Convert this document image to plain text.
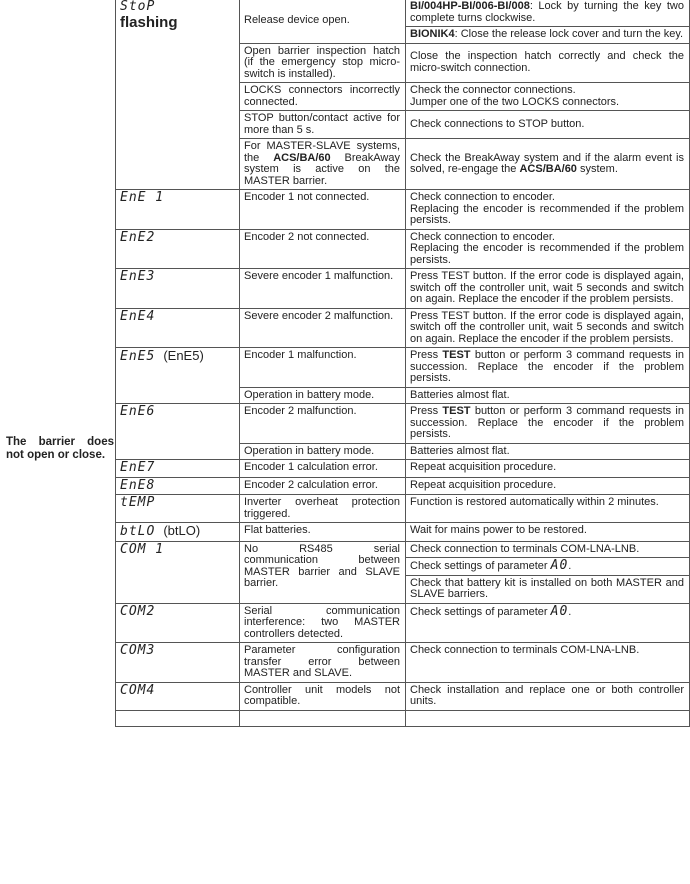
The barrier does not open or close.
StoP
flashing	Release device open.	BI/004HP-BI/006-BI/008: Lock by turning the key two complete turns clockwise.
		BIONIK4: Close the release lock cover and turn the key.
	Open barrier inspection hatch (if the emergency stop micro-switch is installed).	Close the inspection hatch correctly and check the micro-switch connection.
	LOCKS connectors incorrectly connected.	Check the connector connections.
Jumper one of the two LOCKS connectors.
	STOP button/contact active for more than 5 s.	Check connections to STOP button.
	For MASTER-SLAVE systems, the ACS/BA/60 BreakAway system is active on the MASTER barrier.	Check the BreakAway system and if the alarm event is solved, re-engage the ACS/BA/60 system.
EnE 1	Encoder 1 not connected.	Check connection to encoder.
Replacing the encoder is recommended if the problem persists.
EnE2	Encoder 2 not connected.	Check connection to encoder.
Replacing the encoder is recommended if the problem persists.
EnE3	Severe encoder 1 malfunction.	Press TEST button. If the error code is displayed again, switch off the controller unit, wait 5 seconds and switch on again. Replace the encoder if the problem persists.
EnE4	Severe encoder 2 malfunction.	Press TEST button. If the error code is displayed again, switch off the controller unit, wait 5 seconds and switch on again. Replace the encoder if the problem persists.
EnE5 (EnE5)	Encoder 1 malfunction.	Press TEST button or perform 3 command requests in succession. Replace the encoder if the problem persists.
	Operation in battery mode.	Batteries almost flat.
EnE6	Encoder 2 malfunction.	Press TEST button or perform 3 command requests in succession. Replace the encoder if the problem persists.
	Operation in battery mode.	Batteries almost flat.
EnE7	Encoder 1 calculation error.	Repeat acquisition procedure.
EnE8	Encoder 2 calculation error.	Repeat acquisition procedure.
tEMP	Inverter overheat protection triggered.	Function is restored automatically within 2 minutes.
btLO (btLO)	Flat batteries.	Wait for mains power to be restored.
COM 1	No RS485 serial communication between MASTER barrier and SLAVE barrier.	Check connection to terminals COM-LNA-LNB.
		Check settings of parameter A0.
		Check that battery kit is installed on both MASTER and SLAVE barriers.
COM2	Serial communication interference: two MASTER controllers detected.	Check settings of parameter A0.
COM3	Parameter configuration transfer error between MASTER and SLAVE.	Check connection to terminals COM-LNA-LNB.
COM4	Controller unit models not compatible.	Check installation and replace one or both controller units.
